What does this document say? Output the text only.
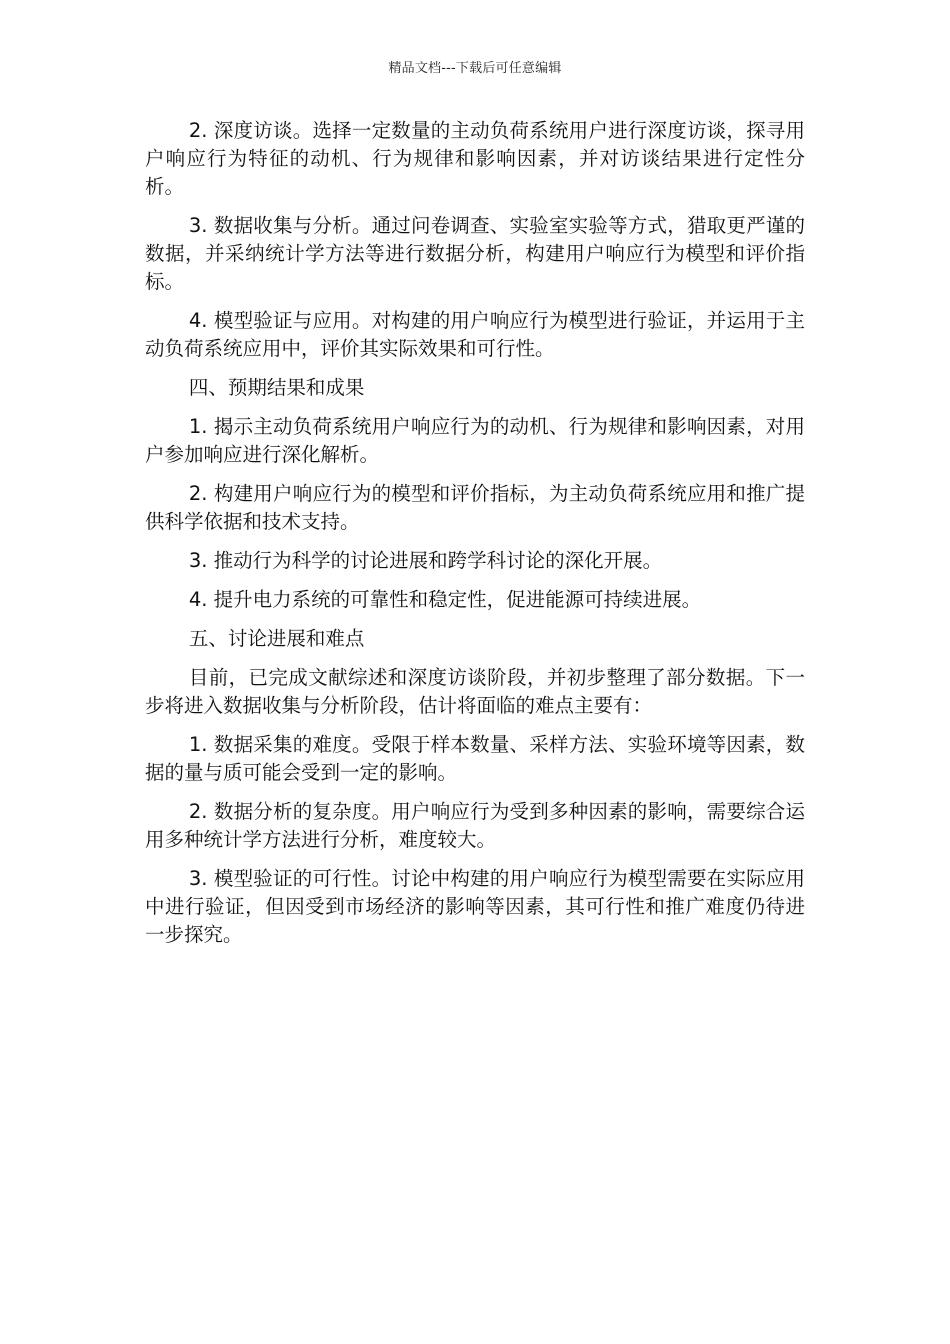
精品文档---下载后可任意编辑

2. 深度访谈。选择一定数量的主动负荷系统用户进行深度访谈，探寻用户响应行为特征的动机、行为规律和影响因素，并对访谈结果进行定性分析。

3. 数据收集与分析。通过问卷调查、实验室实验等方式，猎取更严谨的数据，并采纳统计学方法等进行数据分析，构建用户响应行为模型和评价指标。

4. 模型验证与应用。对构建的用户响应行为模型进行验证，并运用于主动负荷系统应用中，评价其实际效果和可行性。

四、预期结果和成果

1. 揭示主动负荷系统用户响应行为的动机、行为规律和影响因素，对用户参加响应进行深化解析。

2. 构建用户响应行为的模型和评价指标，为主动负荷系统应用和推广提供科学依据和技术支持。

3. 推动行为科学的讨论进展和跨学科讨论的深化开展。

4. 提升电力系统的可靠性和稳定性，促进能源可持续进展。

五、讨论进展和难点

目前，已完成文献综述和深度访谈阶段，并初步整理了部分数据。下一步将进入数据收集与分析阶段，估计将面临的难点主要有：

1. 数据采集的难度。受限于样本数量、采样方法、实验环境等因素，数据的量与质可能会受到一定的影响。

2. 数据分析的复杂度。用户响应行为受到多种因素的影响，需要综合运用多种统计学方法进行分析，难度较大。

3. 模型验证的可行性。讨论中构建的用户响应行为模型需要在实际应用中进行验证，但因受到市场经济的影响等因素，其可行性和推广难度仍待进一步探究。
